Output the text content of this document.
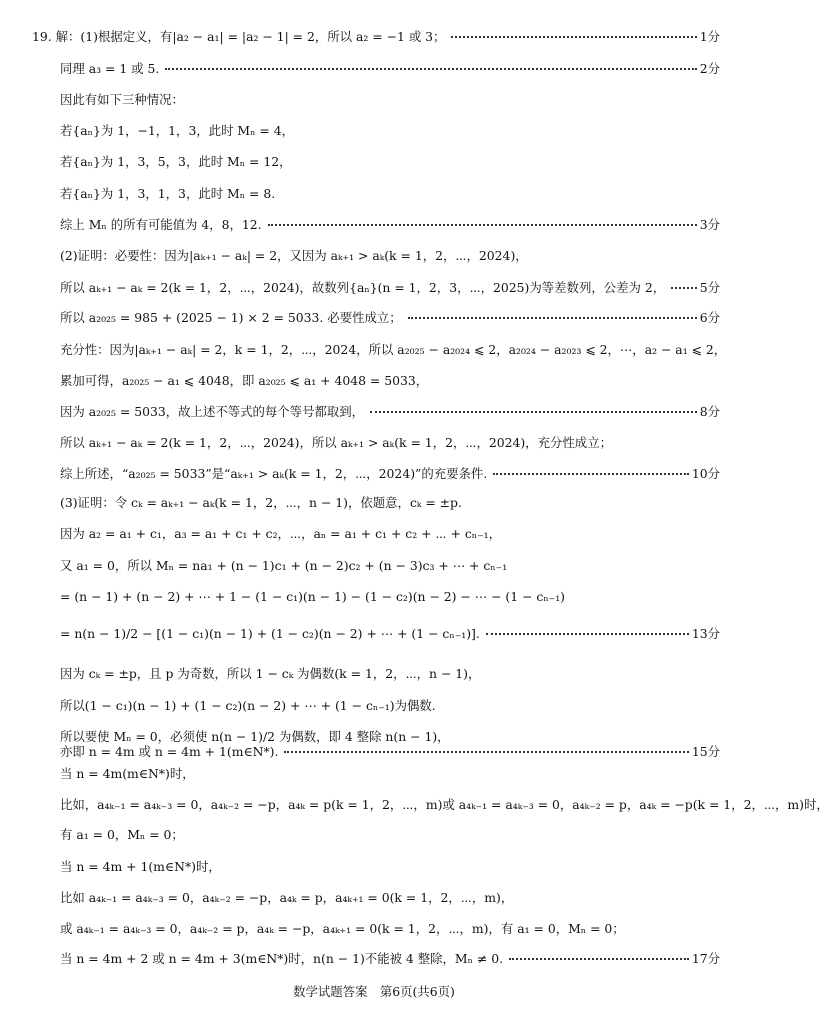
19. 解：(1)根据定义，有|a₂ − a₁| = |a₂ − 1| = 2，所以 a₂ = −1 或 3；	1分
同理 a₃ = 1 或 5.	2分
因此有如下三种情况：
若{aₙ}为 1，−1，1，3，此时 Mₙ = 4，
若{aₙ}为 1，3，5，3，此时 Mₙ = 12，
若{aₙ}为 1，3，1，3，此时 Mₙ = 8.
综上 Mₙ 的所有可能值为 4，8，12.	3分
(2)证明：必要性：因为|aₖ₊₁ − aₖ| = 2，又因为 aₖ₊₁ > aₖ(k = 1，2，⋯，2024)，
所以 aₖ₊₁ − aₖ = 2(k = 1，2，⋯，2024)，故数列{aₙ}(n = 1，2，3，⋯，2025)为等差数列，公差为 2，	5分
所以 a₂₀₂₅ = 985 + (2025 − 1) × 2 = 5033. 必要性成立；	6分
充分性：因为|aₖ₊₁ − aₖ| = 2，k = 1，2，⋯，2024，所以 a₂₀₂₅ − a₂₀₂₄ ⩽ 2，a₂₀₂₄ − a₂₀₂₃ ⩽ 2，⋯，a₂ − a₁ ⩽ 2，
累加可得，a₂₀₂₅ − a₁ ⩽ 4048，即 a₂₀₂₅ ⩽ a₁ + 4048 = 5033，
因为 a₂₀₂₅ = 5033，故上述不等式的每个等号都取到，	8分
所以 aₖ₊₁ − aₖ = 2(k = 1，2，⋯，2024)，所以 aₖ₊₁ > aₖ(k = 1，2，⋯，2024)，充分性成立；
综上所述，“a₂₀₂₅ = 5033”是“aₖ₊₁ > aₖ(k = 1，2，⋯，2024)”的充要条件.	10分
(3)证明：令 cₖ = aₖ₊₁ − aₖ(k = 1，2，⋯，n − 1)，依题意，cₖ = ±p.
因为 a₂ = a₁ + c₁，a₃ = a₁ + c₁ + c₂，⋯，aₙ = a₁ + c₁ + c₂ + ⋯ + cₙ₋₁，
又 a₁ = 0，所以 Mₙ = na₁ + (n − 1)c₁ + (n − 2)c₂ + (n − 3)c₃ + ⋯ + cₙ₋₁
= (n − 1) + (n − 2) + ⋯ + 1 − (1 − c₁)(n − 1) − (1 − c₂)(n − 2) − ⋯ − (1 − cₙ₋₁)
= n(n − 1)/2 − [(1 − c₁)(n − 1) + (1 − c₂)(n − 2) + ⋯ + (1 − cₙ₋₁)].	13分
因为 cₖ = ±p，且 p 为奇数，所以 1 − cₖ 为偶数(k = 1，2，⋯，n − 1)，
所以(1 − c₁)(n − 1) + (1 − c₂)(n − 2) + ⋯ + (1 − cₙ₋₁)为偶数.
所以要使 Mₙ = 0，必须使 n(n − 1)/2 为偶数，即 4 整除 n(n − 1)，
亦即 n = 4m 或 n = 4m + 1(m∈N*).	15分
当 n = 4m(m∈N*)时，
比如，a₄ₖ₋₁ = a₄ₖ₋₃ = 0，a₄ₖ₋₂ = −p，a₄ₖ = p(k = 1，2，⋯，m)或 a₄ₖ₋₁ = a₄ₖ₋₃ = 0，a₄ₖ₋₂ = p，a₄ₖ = −p(k = 1，2，⋯，m)时，
有 a₁ = 0，Mₙ = 0；
当 n = 4m + 1(m∈N*)时，
比如 a₄ₖ₋₁ = a₄ₖ₋₃ = 0，a₄ₖ₋₂ = −p，a₄ₖ = p，a₄ₖ₊₁ = 0(k = 1，2，⋯，m)，
或 a₄ₖ₋₁ = a₄ₖ₋₃ = 0，a₄ₖ₋₂ = p，a₄ₖ = −p，a₄ₖ₊₁ = 0(k = 1，2，⋯，m)，有 a₁ = 0，Mₙ = 0；
当 n = 4m + 2 或 n = 4m + 3(m∈N*)时，n(n − 1)不能被 4 整除，Mₙ ≠ 0.	17分
数学试题答案　第6页(共6页)
